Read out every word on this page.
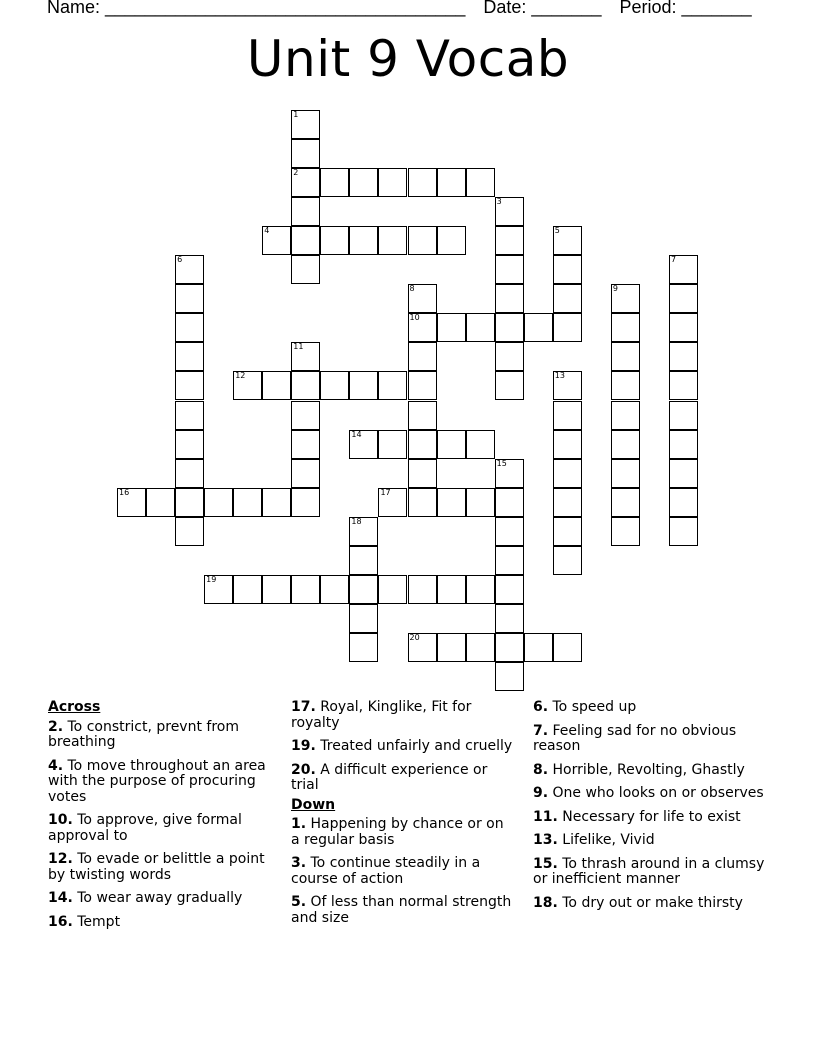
Name: ____________________________________ Date: _______ Period: _______
Unit 9 Vocab
1
2
3
4	5
6	7
8
10
9
11
12	13
14
15
16	17
18
19
20
Across
2. To constrict, prevnt from breathing
4. To move throughout an area with the purpose of procuring votes
10. To approve, give formal approval to
12. To evade or belittle a point by twisting words
14. To wear away gradually
16. Tempt
17. Royal, Kinglike, Fit for royalty
19. Treated unfairly and cruelly
20. A difficult experience or trial
Down
1. Happening by chance or on a regular basis
3. To continue steadily in a course of action
5. Of less than normal strength and size
6. To speed up
7. Feeling sad for no obvious reason
8. Horrible, Revolting, Ghastly
9. One who looks on or observes
11. Necessary for life to exist
13. Lifelike, Vivid
15. To thrash around in a clumsy or inefficient manner
18. To dry out or make thirsty
